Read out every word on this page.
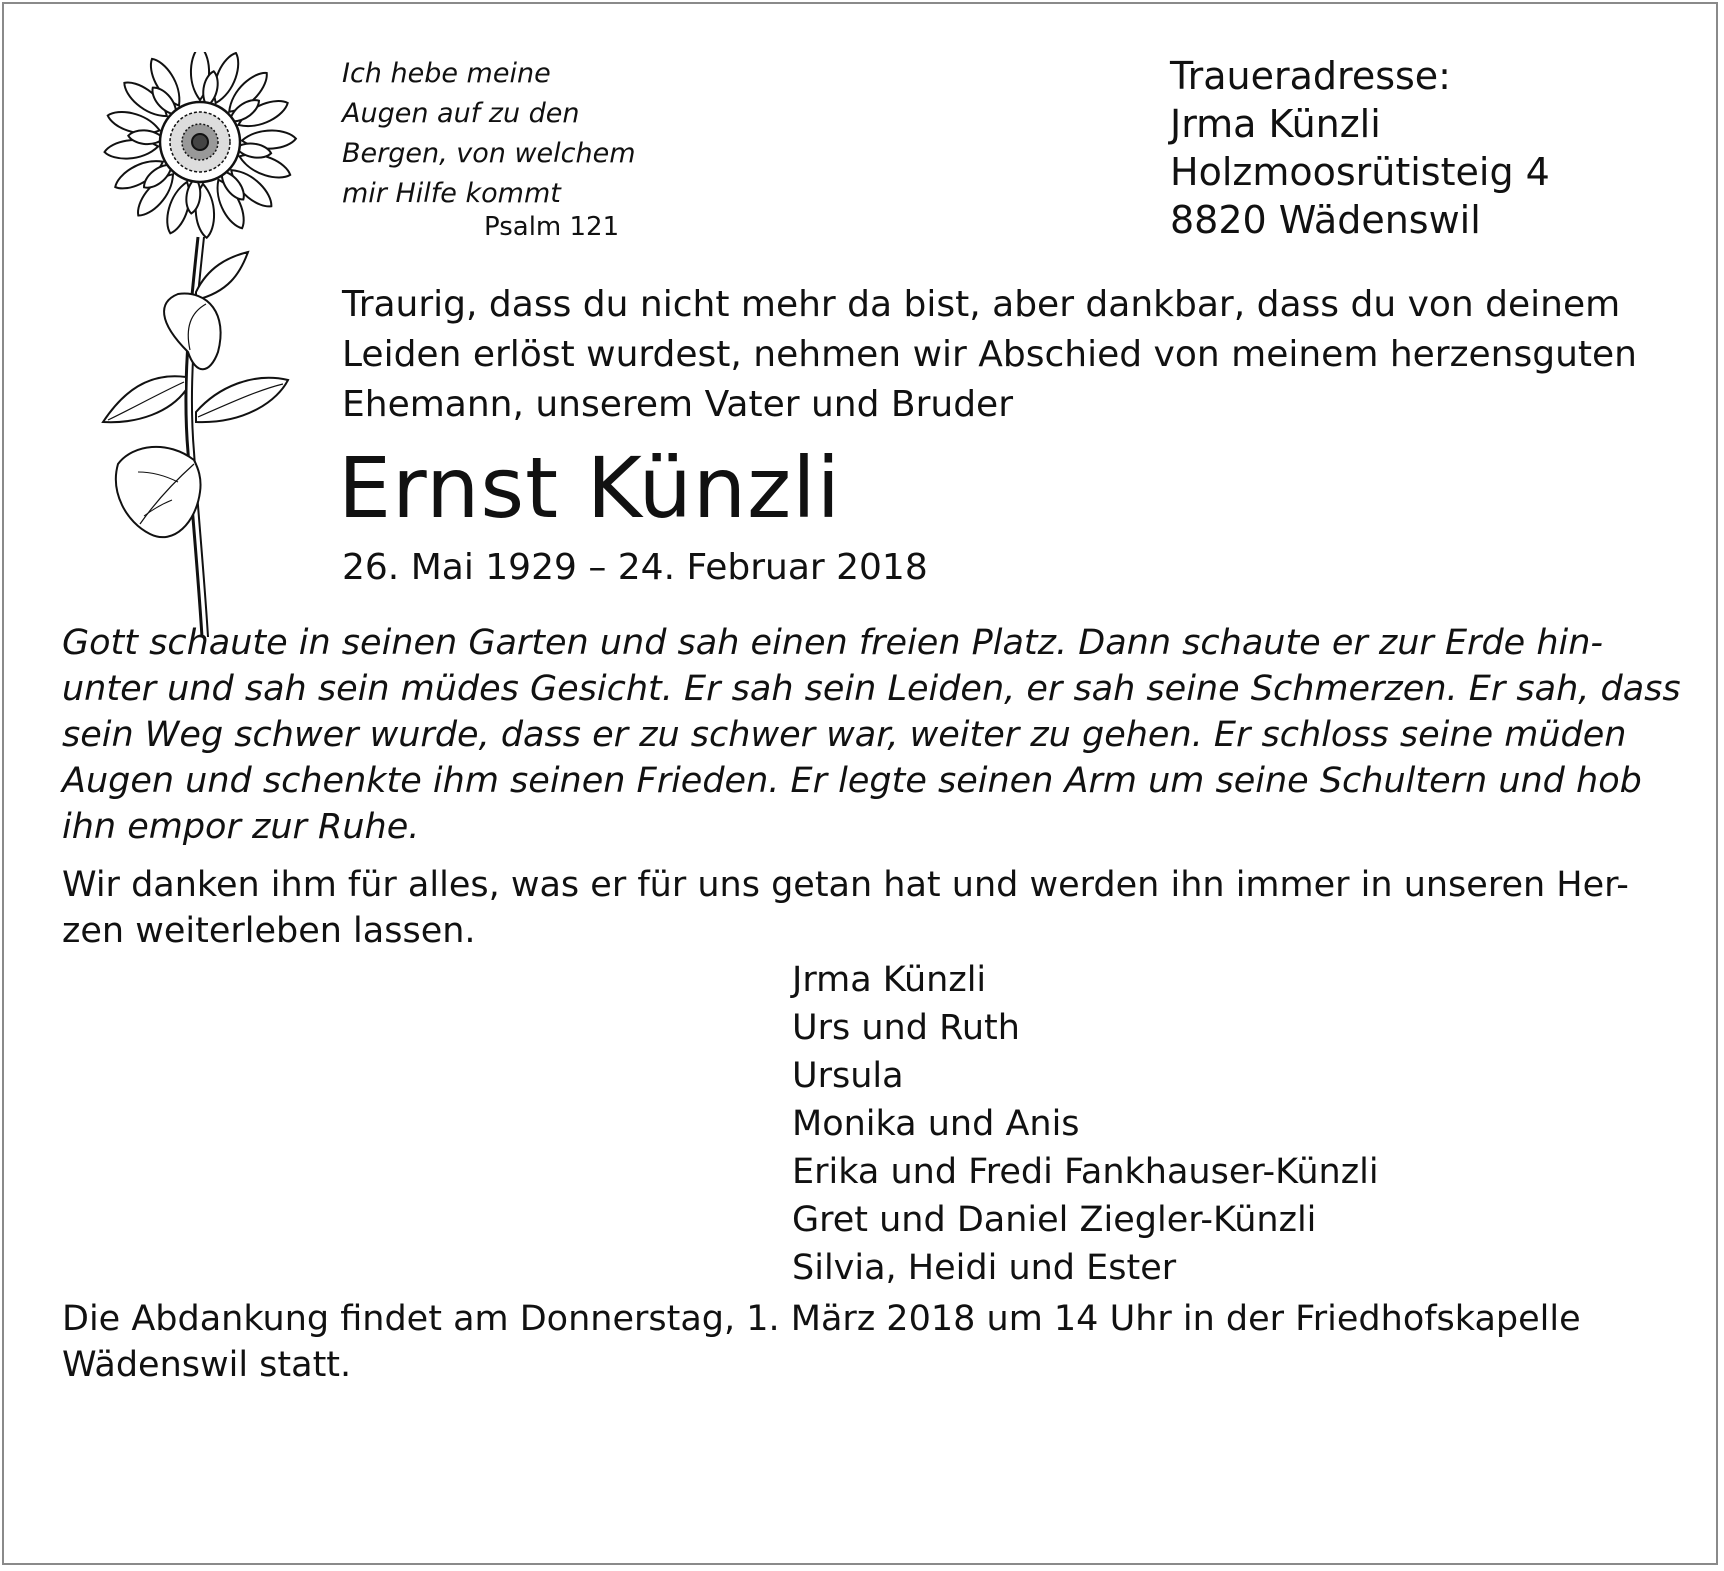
Ich hebe meine
Augen auf zu den
Bergen, von welchem
mir Hilfe kommt
Psalm 121
Traueradresse:
Jrma Künzli
Holzmoosrütisteig 4
8820 Wädenswil
Traurig, dass du nicht mehr da bist, aber dankbar, dass du von deinem
Leiden erlöst wurdest, nehmen wir Abschied von meinem herzensguten
Ehemann, unserem Vater und Bruder
Ernst Künzli
26. Mai 1929 – 24. Februar 2018
Gott schaute in seinen Garten und sah einen freien Platz. Dann schaute er zur Erde hin-
unter und sah sein müdes Gesicht. Er sah sein Leiden, er sah seine Schmerzen. Er sah, dass
sein Weg schwer wurde, dass er zu schwer war, weiter zu gehen. Er schloss seine müden
Augen und schenkte ihm seinen Frieden. Er legte seinen Arm um seine Schultern und hob
ihn empor zur Ruhe.
Wir danken ihm für alles, was er für uns getan hat und werden ihn immer in unseren Her-
zen weiterleben lassen.
Jrma Künzli
Urs und Ruth
Ursula
Monika und Anis
Erika und Fredi Fankhauser-Künzli
Gret und Daniel Ziegler-Künzli
Silvia, Heidi und Ester
Die Abdankung findet am Donnerstag, 1. März 2018 um 14 Uhr in der Friedhofskapelle
Wädenswil statt.
